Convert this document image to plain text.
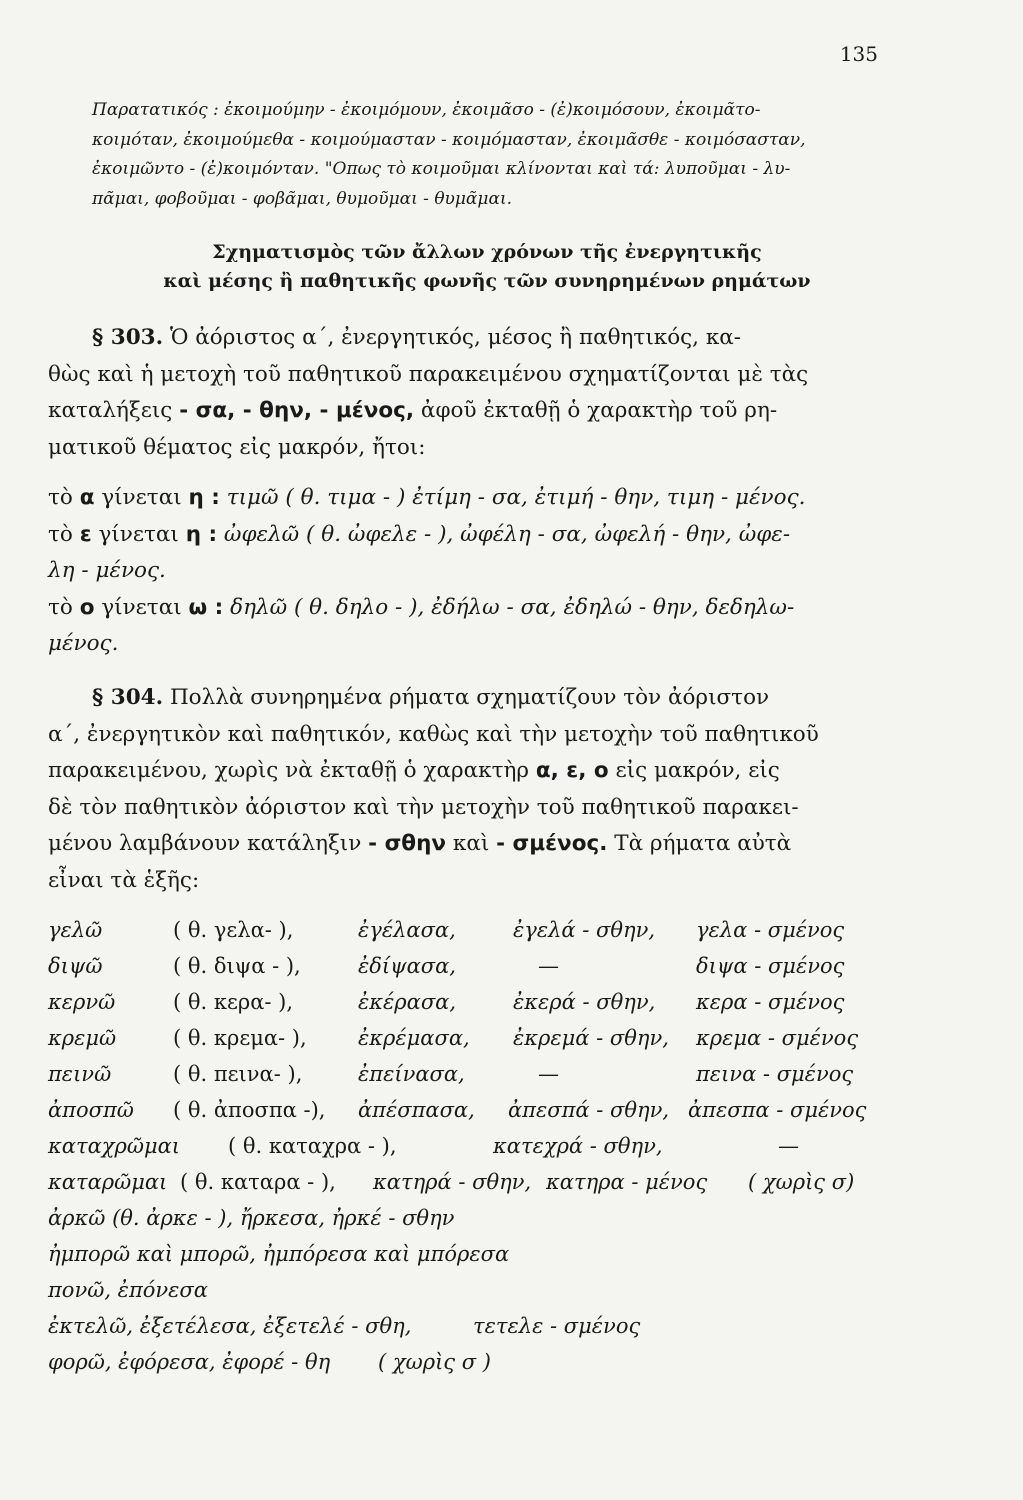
135
Παρατατικός : ἐκοιμούμην - ἐκοιμόμουν, ἐκοιμᾶσο - (ἐ)κοιμόσουν, ἐκοιμᾶτο-
κοιμόταν, ἐκοιμούμεθα - κοιμούμασταν - κοιμόμασταν, ἐκοιμᾶσθε - κοιμόσασταν,
ἐκοιμῶντο - (ἐ)κοιμόνταν. "Οπως τὸ κοιμοῦμαι κλίνονται καὶ τά: λυποῦμαι - λυ-
πᾶμαι, φοβοῦμαι - φοβᾶμαι, θυμοῦμαι - θυμᾶμαι.
Σχηματισμὸς τῶν ἄλλων χρόνων τῆς ἐνεργητικῆς
καὶ μέσης ἢ παθητικῆς φωνῆς τῶν συνηρημένων ρημάτων
§ 303. Ὁ ἀόριστος α΄, ἐνεργητικός, μέσος ἢ παθητικός, κα-
θὼς καὶ ἡ μετοχὴ τοῦ παθητικοῦ παρακειμένου σχηματίζονται μὲ τὰς
καταλήξεις - σα, - θην, - μένος, ἀφοῦ ἐκταθῇ ὁ χαρακτὴρ τοῦ ρη-
ματικοῦ θέματος εἰς μακρόν, ἤτοι:
τὸ α γίνεται η : τιμῶ ( θ. τιμα - ) ἐτίμη - σα, ἐτιμή - θην, τιμη - μένος.
τὸ ε γίνεται η : ὠφελῶ ( θ. ὠφελε - ), ὠφέλη - σα, ὠφελή - θην, ὠφε-
λη - μένος.
τὸ ο γίνεται ω : δηλῶ ( θ. δηλο - ), ἐδήλω - σα, ἐδηλώ - θην, δεδηλω-
μένος.
§ 304. Πολλὰ συνηρημένα ρήματα σχηματίζουν τὸν ἀόριστον
α΄, ἐνεργητικὸν καὶ παθητικόν, καθὼς καὶ τὴν μετοχὴν τοῦ παθητικοῦ
παρακειμένου, χωρὶς νὰ ἐκταθῇ ὁ χαρακτὴρ α, ε, ο εἰς μακρόν, εἰς
δὲ τὸν παθητικὸν ἀόριστον καὶ τὴν μετοχὴν τοῦ παθητικοῦ παρακει-
μένου λαμβάνουν κατάληξιν - σθην καὶ - σμένος. Τὰ ρήματα αὐτὰ
εἶναι τὰ ἑξῆς:
γελῶ	( θ. γελα- ),	ἐγέλασα,	ἐγελά - σθην, γελα - σμένος
διψῶ	( θ. διψα - ),	ἐδίψασα,	—	διψα - σμένος
κερνῶ	( θ. κερα- ),	ἐκέρασα,	ἐκερά - σθην, κερα - σμένος
κρεμῶ	( θ. κρεμα- ), ἐκρέμασα, ἐκρεμά - σθην, κρεμα - σμένος
πεινῶ	( θ. πεινα- ),	ἐπείνασα,	—	πεινα - σμένος
ἀποσπῶ ( θ. ἀποσπα -), ἀπέσπασα, ἀπεσπά - σθην, ἀπεσπα - σμένος
καταχρῶμαι ( θ. καταχρα - ),	κατεχρά - σθην,	—
καταρῶμαι ( θ. καταρα - ), κατηρά - σθην, κατηρα - μένος ( χωρὶς σ)
ἀρκῶ (θ. ἀρκε - ), ἤρκεσα, ἠρκέ - σθην
ἠμπορῶ καὶ μπορῶ, ἠμπόρεσα καὶ μπόρεσα
πονῶ, ἐπόνεσα
ἐκτελῶ, ἐξετέλεσα, ἐξετελέ - σθη,	τετελε - σμένος
φορῶ, ἐφόρεσα, ἐφορέ - θη ( χωρὶς σ )
